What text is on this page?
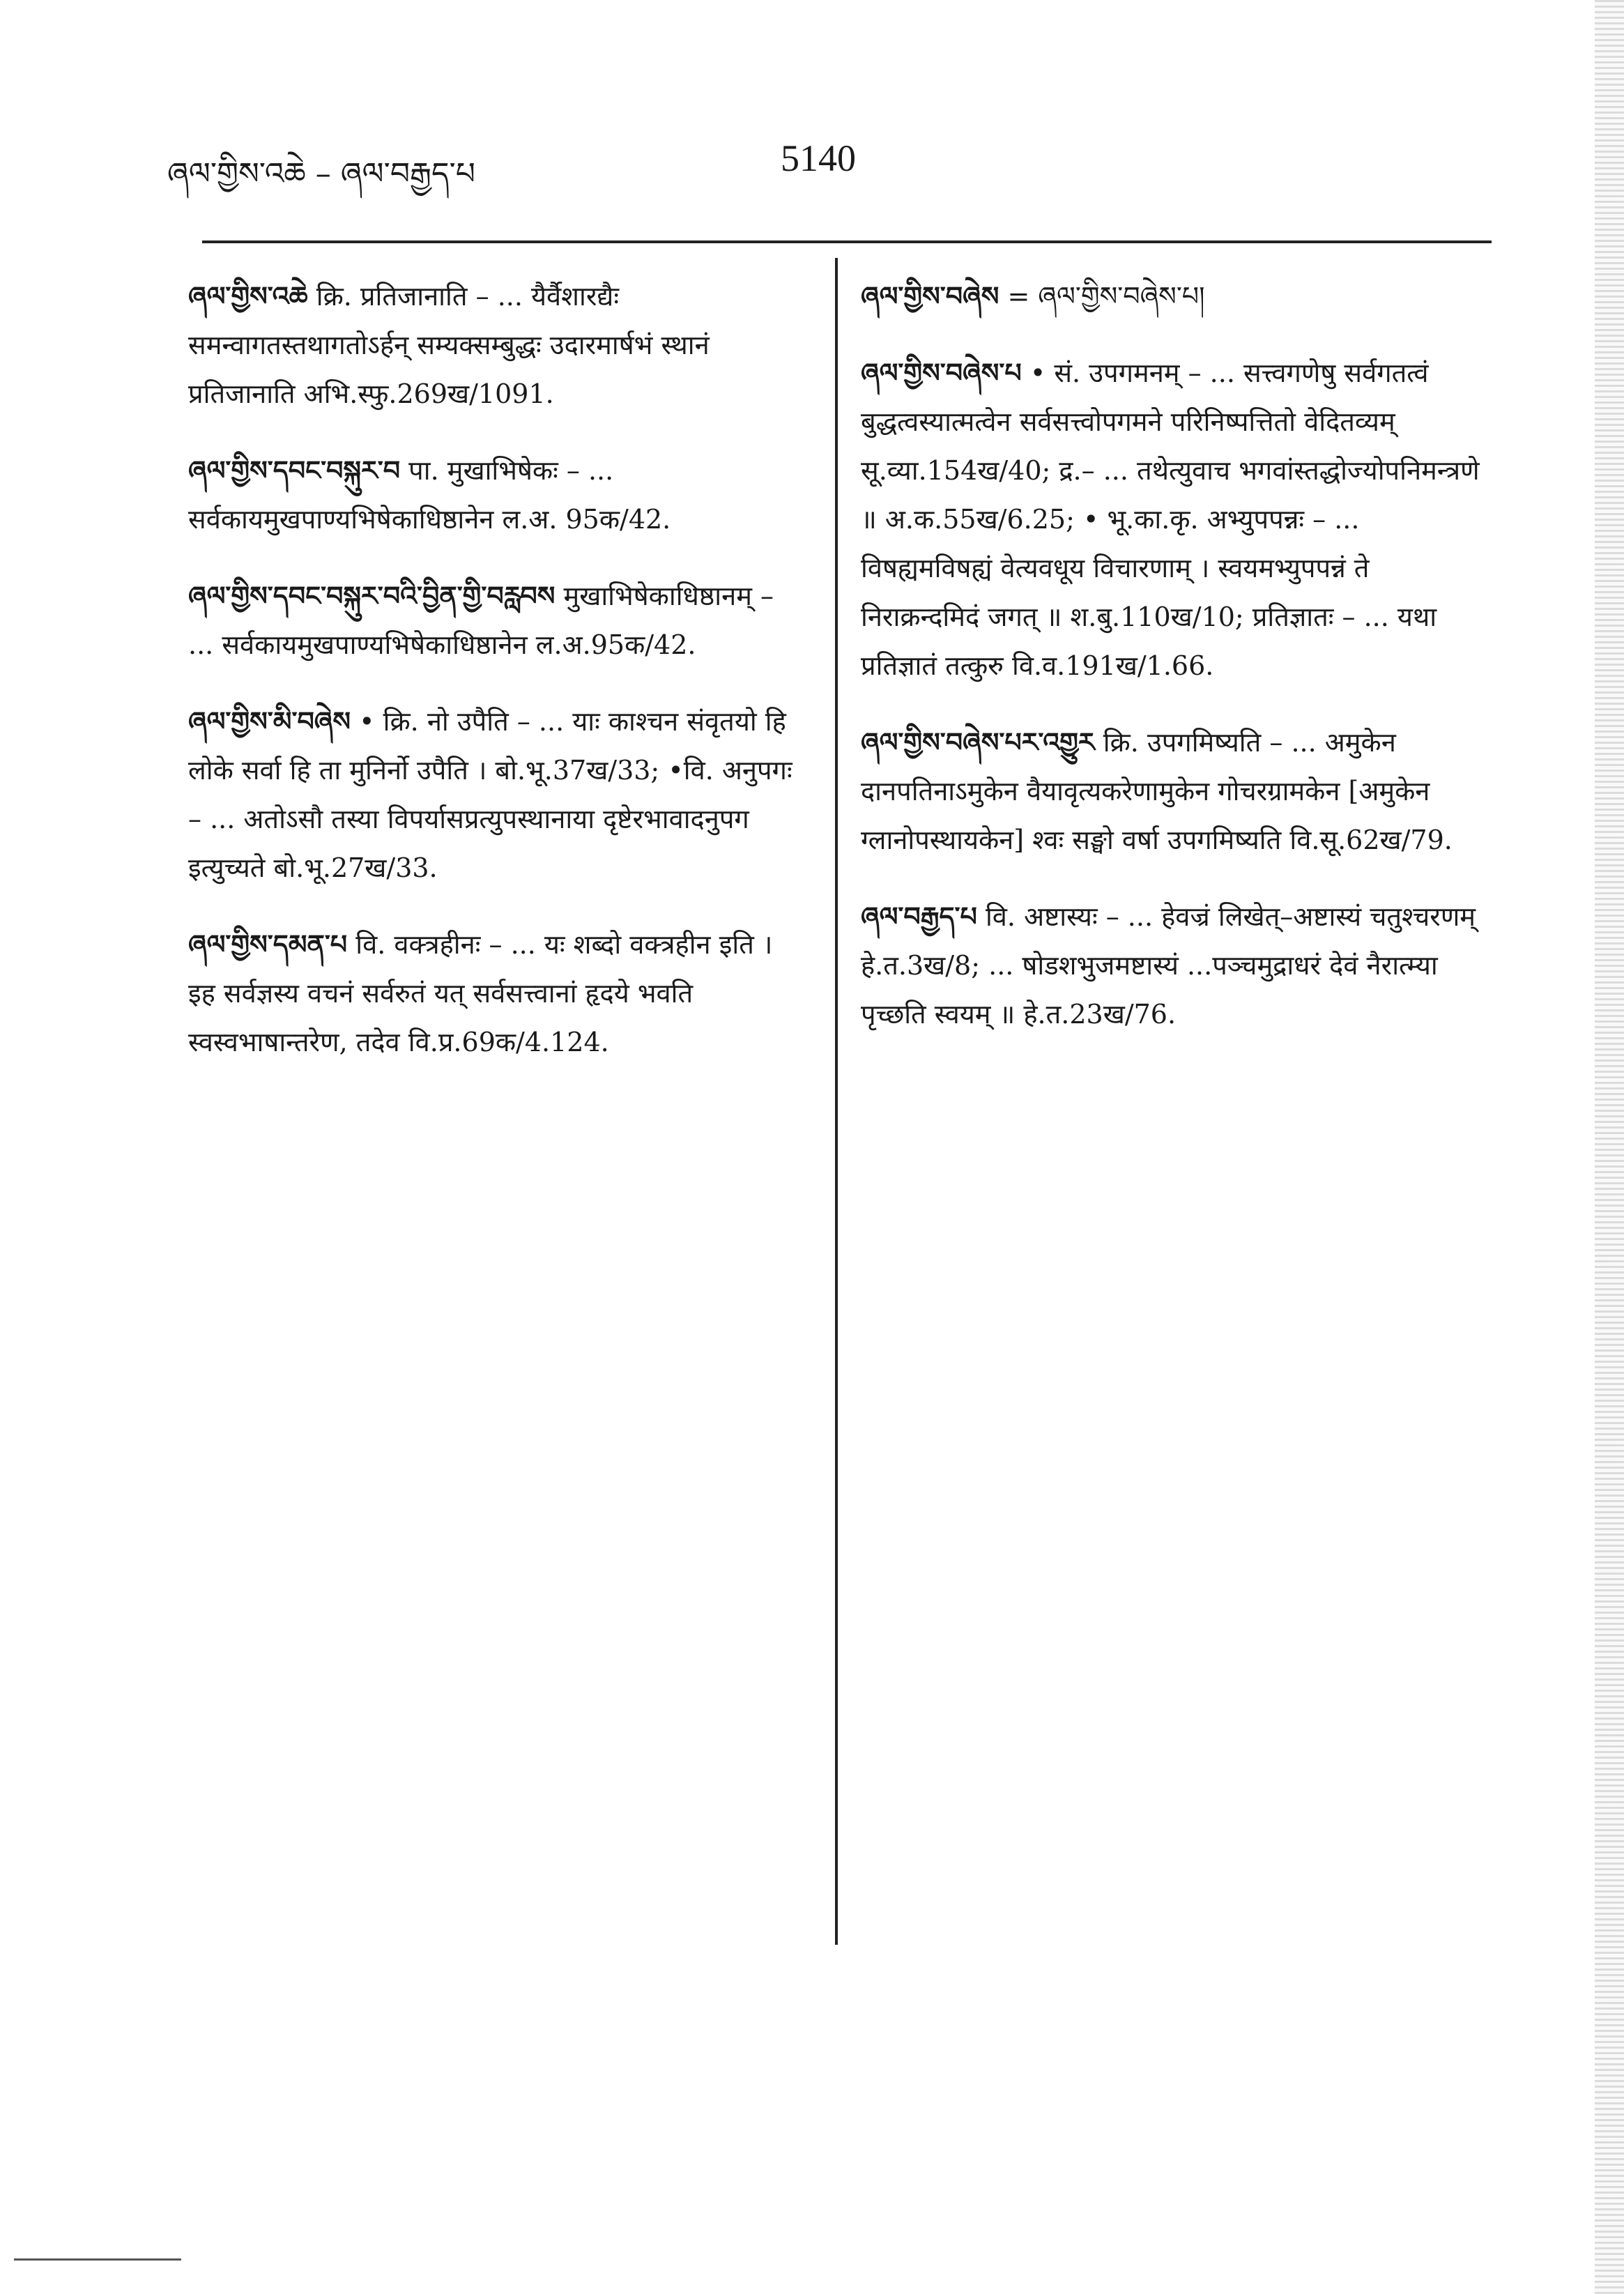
ཞལ་གྱིས་འཆེ – ཞལ་བརྒྱད་པ	5140

ཞལ་གྱིས་འཆེ क्रि. प्रतिजानाति – ... यैर्वैशारद्यैः समन्वागतस्तथागतोऽर्हन् सम्यक्सम्बुद्धः उदारमार्षभं स्थानं प्रतिजानाति अभि.स्फु.269ख/1091.

ཞལ་གྱིས་དབང་བསྐུར་བ पा. मुखाभिषेकः – ... सर्वकायमुखपाण्यभिषेकाधिष्ठानेन ल.अ. 95क/42.

ཞལ་གྱིས་དབང་བསྐུར་བའི་བྱིན་གྱི་བརླབས मुखाभिषेकाधिष्ठानम् – ... सर्वकायमुखपाण्यभिषेकाधिष्ठानेन ल.अ.95क/42.

ཞལ་གྱིས་མི་བཞེས • क्रि. नो उपैति – ... याः काश्चन संवृतयो हि लोके सर्वा हि ता मुनिर्नो उपैति । बो.भू.37ख/33; •वि. अनुपगः – ... अतोऽसौ तस्या विपर्यासप्रत्युपस्थानाया दृष्टेरभावादनुपग इत्युच्यते बो.भू.27ख/33.

ཞལ་གྱིས་དམན་པ वि. वक्त्रहीनः – ... यः शब्दो वक्त्रहीन इति । इह सर्वज्ञस्य वचनं सर्वरुतं यत् सर्वसत्त्वानां हृदये भवति स्वस्वभाषान्तरेण, तदेव वि.प्र.69क/4.124.

ཞལ་གྱིས་བཞེས = ཞལ་གྱིས་བཞེས་པ།

ཞལ་གྱིས་བཞེས་པ • सं. उपगमनम् – ... सत्त्वगणेषु सर्वगतत्वं बुद्धत्वस्यात्मत्वेन सर्वसत्त्वोपगमने परिनिष्पत्तितो वेदितव्यम् सू.व्या.154ख/40; द्र.– ... तथेत्युवाच भगवांस्तद्धोज्योपनिमन्त्रणे ॥ अ.क.55ख/6.25; • भू.का.कृ. अभ्युपपन्नः – ... विषह्यमविषह्यं वेत्यवधूय विचारणाम् । स्वयमभ्युपपन्नं ते निराक्रन्दमिदं जगत् ॥ श.बु.110ख/10; प्रतिज्ञातः – ... यथा प्रतिज्ञातं तत्कुरु वि.व.191ख/1.66.

ཞལ་གྱིས་བཞེས་པར་འགྱུར क्रि. उपगमिष्यति – ... अमुकेन दानपतिनाऽमुकेन वैयावृत्यकरेणामुकेन गोचरग्रामकेन [अमुकेन ग्लानोपस्थायकेन] श्वः सङ्घो वर्षा उपगमिष्यति वि.सू.62ख/79.

ཞལ་བརྒྱད་པ वि. अष्टास्यः – ... हेवज्रं लिखेत्–अष्टास्यं चतुश्चरणम् हे.त.3ख/8; ... षोडशभुजमष्टास्यं ...पञ्चमुद्राधरं देवं नैरात्म्या पृच्छति स्वयम् ॥ हे.त.23ख/76.
